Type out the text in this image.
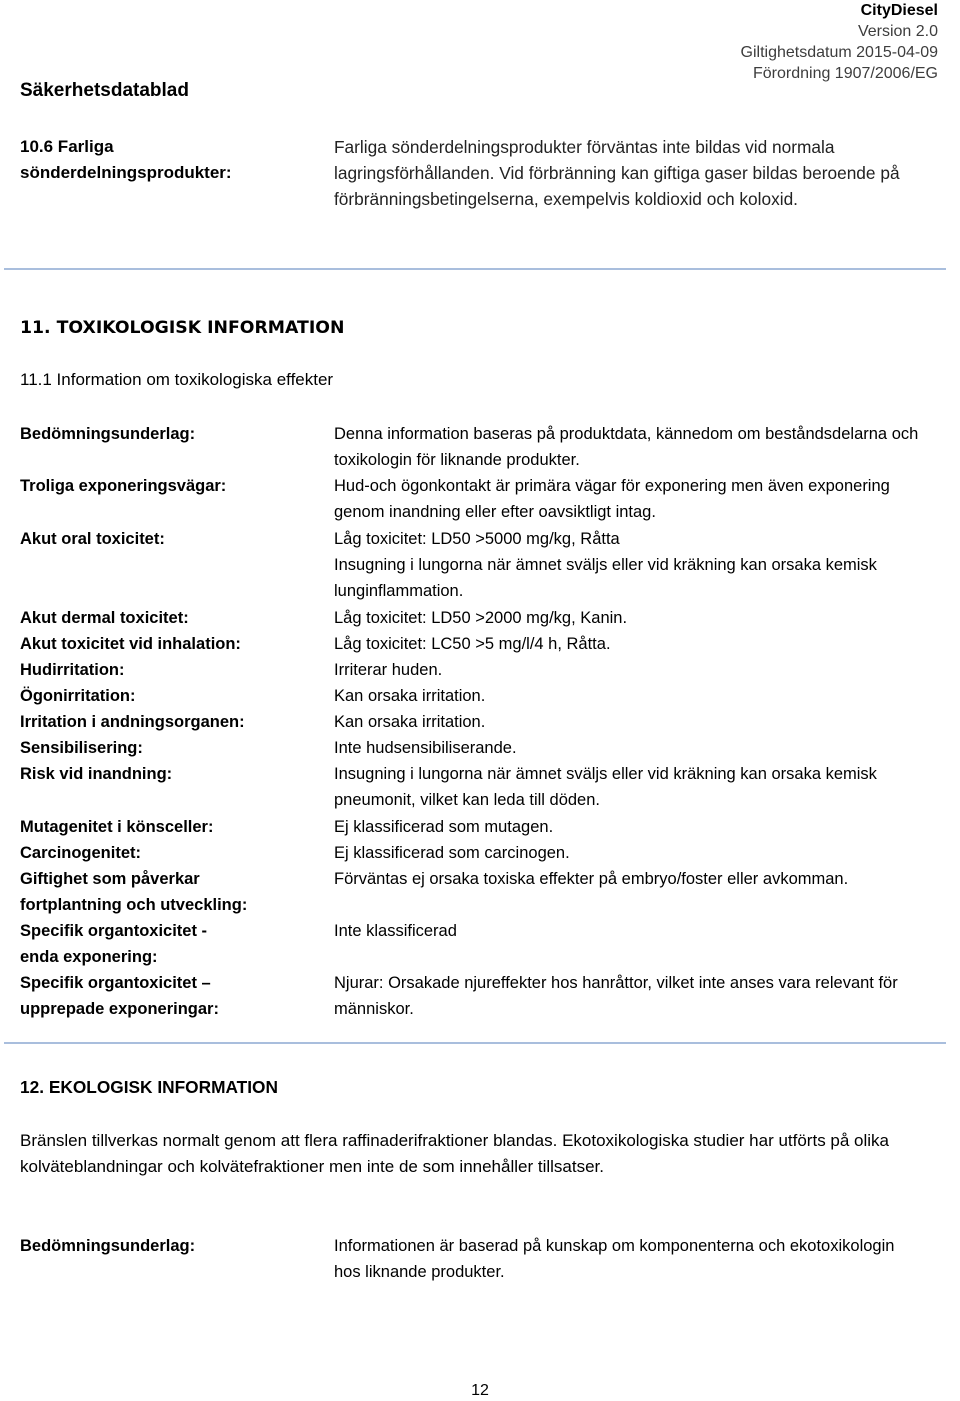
CityDiesel
Version 2.0
Giltighetsdatum 2015-04-09
Förordning 1907/2006/EG
Säkerhetsdatablad
10.6 Farliga
sönderdelningsprodukter:
Farliga sönderdelningsprodukter förväntas inte bildas vid normala lagringsförhållanden. Vid förbränning kan giftiga gaser bildas beroende på förbränningsbetingelserna, exempelvis koldioxid och koloxid.
11. TOXIKOLOGISK INFORMATION
11.1 Information om toxikologiska effekter
Bedömningsunderlag:	Denna information baseras på produktdata, kännedom om beståndsdelarna och toxikologin för liknande produkter.
Troliga exponeringsvägar:	Hud-och ögonkontakt är primära vägar för exponering men även exponering genom inandning eller efter oavsiktligt intag.
Akut oral toxicitet:	Låg toxicitet: LD50 >5000 mg/kg, Råtta
Insugning i lungorna när ämnet sväljs eller vid kräkning kan orsaka kemisk lunginflammation.
Akut dermal toxicitet:	Låg toxicitet: LD50 >2000 mg/kg, Kanin.
Akut toxicitet vid inhalation:	Låg toxicitet: LC50 >5 mg/l/4 h, Råtta.
Hudirritation:	Irriterar huden.
Ögonirritation:	Kan orsaka irritation.
Irritation i andningsorganen:	Kan orsaka irritation.
Sensibilisering:	Inte hudsensibiliserande.
Risk vid inandning:	Insugning i lungorna när ämnet sväljs eller vid kräkning kan orsaka kemisk pneumonit, vilket kan leda till döden.
Mutagenitet i könsceller:	Ej klassificerad som mutagen.
Carcinogenitet:	Ej klassificerad som carcinogen.
Giftighet som påverkar fortplantning och utveckling:
Förväntas ej orsaka toxiska effekter på embryo/foster eller avkomman.
Specifik organtoxicitet - enda exponering:
Inte klassificerad
Specifik organtoxicitet – upprepade exponeringar:
Njurar: Orsakade njureffekter hos hanråttor, vilket inte anses vara relevant för människor.
12. EKOLOGISK INFORMATION
Bränslen tillverkas normalt genom att flera raffinaderifraktioner blandas. Ekotoxikologiska studier har utförts på olika kolväteblandningar och kolvätefraktioner men inte de som innehåller tillsatser.
Bedömningsunderlag:	Informationen är baserad på kunskap om komponenterna och ekotoxikologin hos liknande produkter.
12
